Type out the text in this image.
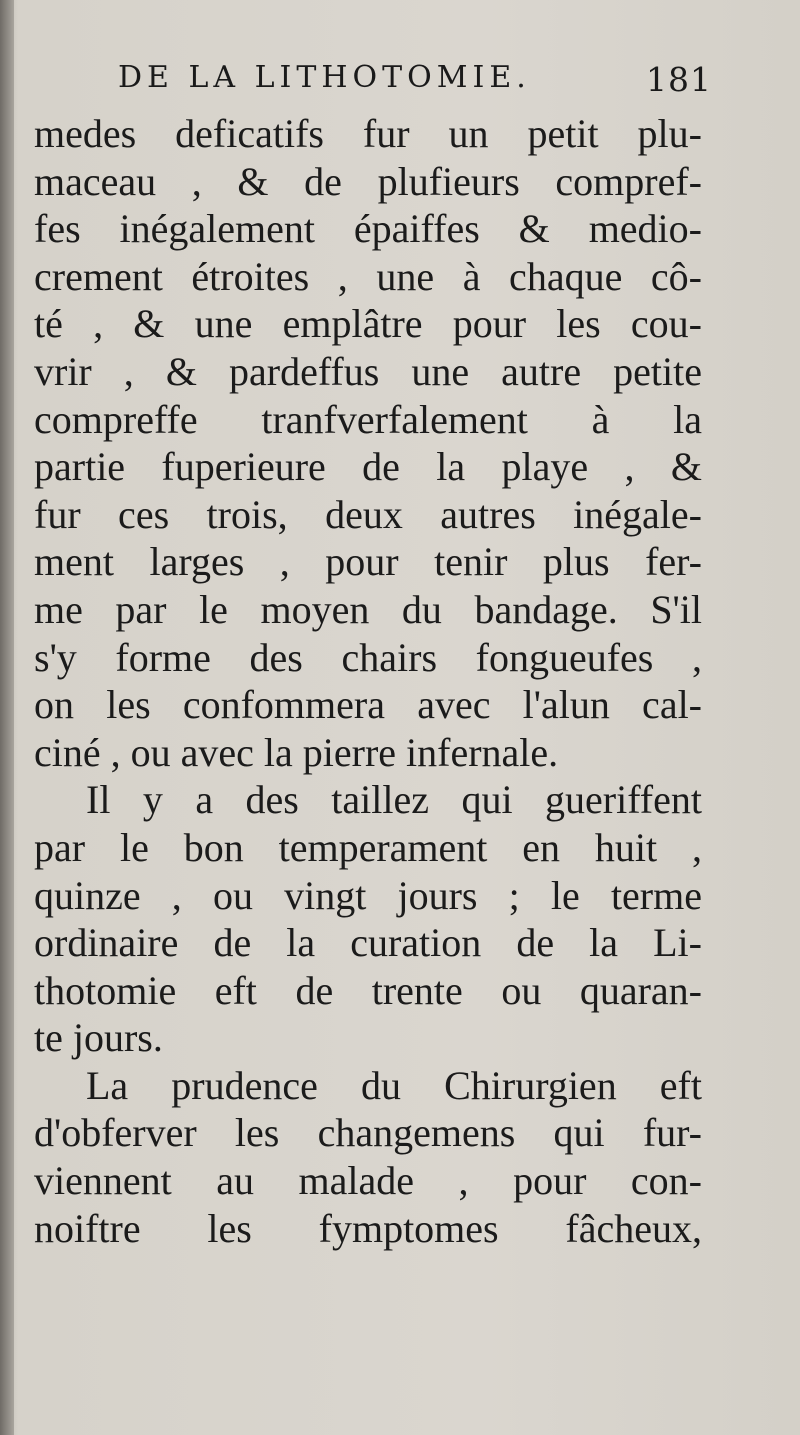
DE LA LITHOTOMIE.	181
medes deficatifs fur un petit plu-
maceau , & de plufieurs compref-
fes inégalement épaiffes & medio-
crement étroites , une à chaque cô-
té , & une emplâtre pour les cou-
vrir , & pardeffus une autre petite
compreffe tranfverfalement à la
partie fuperieure de la playe , &
fur ces trois, deux autres inégale-
ment larges , pour tenir plus fer-
me par le moyen du bandage. S'il
s'y forme des chairs fongueufes ,
on les confommera avec l'alun cal-
ciné , ou avec la pierre infernale.
Il y a des taillez qui gueriffent
par le bon temperament en huit ,
quinze , ou vingt jours ; le terme
ordinaire de la curation de la Li-
thotomie eft de trente ou quaran-
te jours.
La prudence du Chirurgien eft
d'obferver les changemens qui fur-
viennent au malade , pour con-
noiftre les fymptomes fâcheux,
